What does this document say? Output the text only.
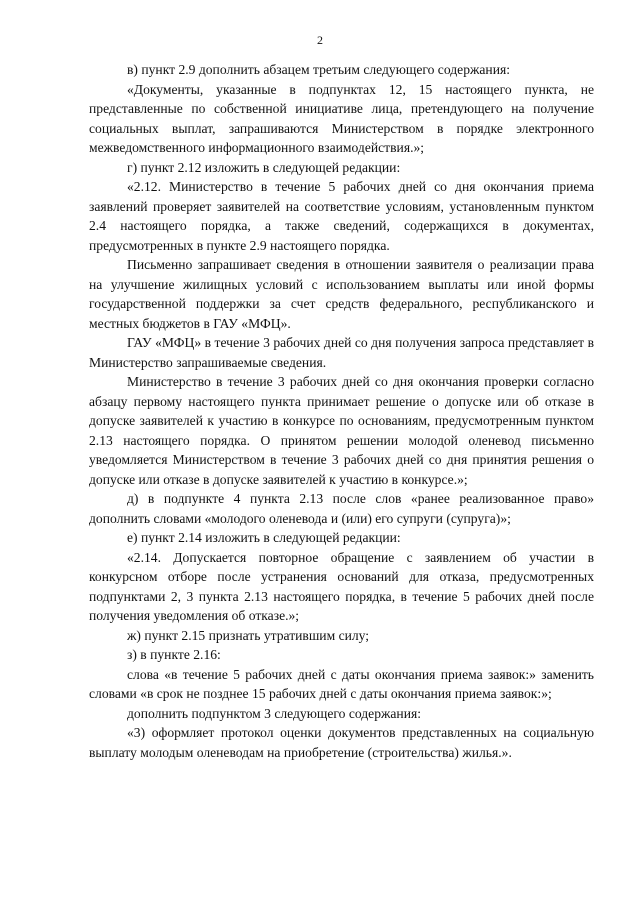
2

в) пункт 2.9 дополнить абзацем третьим следующего содержания:

«Документы, указанные в подпунктах 12, 15 настоящего пункта, не представленные по собственной инициативе лица, претендующего на получение социальных выплат, запрашиваются Министерством в порядке электронного межведомственного информационного взаимодействия.»;

г) пункт 2.12 изложить в следующей редакции:

«2.12. Министерство в течение 5 рабочих дней со дня окончания приема заявлений проверяет заявителей на соответствие условиям, установленным пунктом 2.4 настоящего порядка, а также сведений, содержащихся в документах, предусмотренных в пункте 2.9 настоящего порядка.

Письменно запрашивает сведения в отношении заявителя о реализации права на улучшение жилищных условий с использованием выплаты или иной формы государственной поддержки за счет средств федерального, республиканского и местных бюджетов в ГАУ «МФЦ».

ГАУ «МФЦ» в течение 3 рабочих дней со дня получения запроса представляет в Министерство запрашиваемые сведения.

Министерство в течение 3 рабочих дней со дня окончания проверки согласно абзацу первому настоящего пункта принимает решение о допуске или об отказе в допуске заявителей к участию в конкурсе по основаниям, предусмотренным пунктом 2.13 настоящего порядка. О принятом решении молодой оленевод письменно уведомляется Министерством в течение 3 рабочих дней со дня принятия решения о допуске или отказе в допуске заявителей к участию в конкурсе.»;

д) в подпункте 4 пункта 2.13 после слов «ранее реализованное право» дополнить словами «молодого оленевода и (или) его супруги (супруга)»;

е) пункт 2.14 изложить в следующей редакции:

«2.14. Допускается повторное обращение с заявлением об участии в конкурсном отборе после устранения оснований для отказа, предусмотренных подпунктами 2, 3 пункта 2.13 настоящего порядка, в течение 5 рабочих дней после получения уведомления об отказе.»;

ж) пункт 2.15 признать утратившим силу;

з) в пункте 2.16:

слова «в течение 5 рабочих дней с даты окончания приема заявок:» заменить словами «в срок не позднее 15 рабочих дней с даты окончания приема заявок:»;

дополнить подпунктом 3 следующего содержания:

«3) оформляет протокол оценки документов представленных на социальную выплату молодым оленеводам на приобретение (строительства) жилья.».
